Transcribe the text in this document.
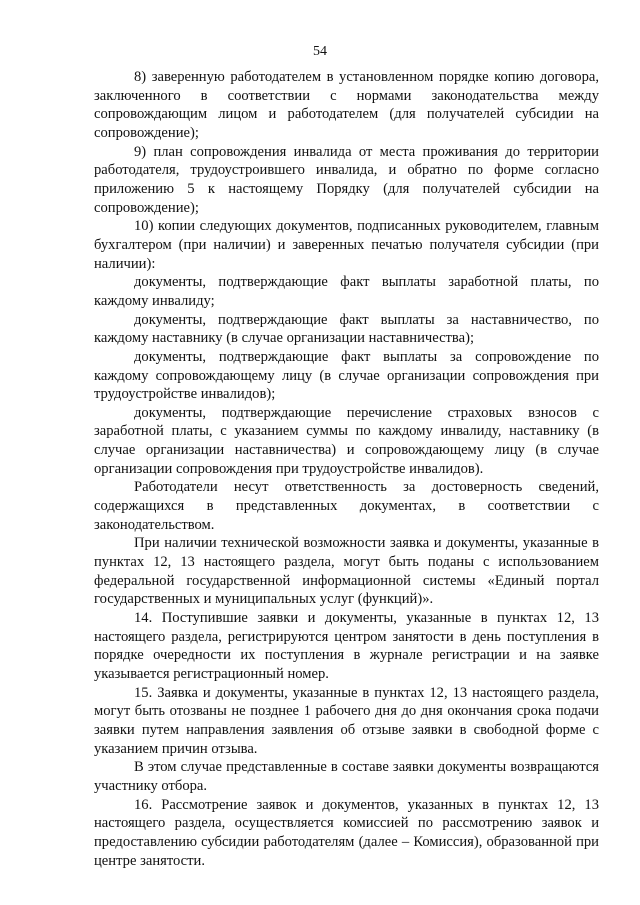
54

8) заверенную работодателем в установленном порядке копию договора, заключенного в соответствии с нормами законодательства между сопровождающим лицом и работодателем (для получателей субсидии на сопровождение);

9) план сопровождения инвалида от места проживания до территории работодателя, трудоустроившего инвалида, и обратно по форме согласно приложению 5 к настоящему Порядку (для получателей субсидии на сопровождение);

10) копии следующих документов, подписанных руководителем, главным бухгалтером (при наличии) и заверенных печатью получателя субсидии (при наличии):

документы, подтверждающие факт выплаты заработной платы, по каждому инвалиду;

документы, подтверждающие факт выплаты за наставничество, по каждому наставнику (в случае организации наставничества);

документы, подтверждающие факт выплаты за сопровождение по каждому сопровождающему лицу (в случае организации сопровождения при трудоустройстве инвалидов);

документы, подтверждающие перечисление страховых взносов с заработной платы, с указанием суммы по каждому инвалиду, наставнику (в случае организации наставничества) и сопровождающему лицу (в случае организации сопровождения при трудоустройстве инвалидов).

Работодатели несут ответственность за достоверность сведений, содержащихся в представленных документах, в соответствии с законодательством.

При наличии технической возможности заявка и документы, указанные в пунктах 12, 13 настоящего раздела, могут быть поданы с использованием федеральной государственной информационной системы «Единый портал государственных и муниципальных услуг (функций)».

14. Поступившие заявки и документы, указанные в пунктах 12, 13 настоящего раздела, регистрируются центром занятости в день поступления в порядке очередности их поступления в журнале регистрации и на заявке указывается регистрационный номер.

15. Заявка и документы, указанные в пунктах 12, 13 настоящего раздела, могут быть отозваны не позднее 1 рабочего дня до дня окончания срока подачи заявки путем направления заявления об отзыве заявки в свободной форме с указанием причин отзыва.

В этом случае представленные в составе заявки документы возвращаются участнику отбора.

16. Рассмотрение заявок и документов, указанных в пунктах 12, 13 настоящего раздела, осуществляется комиссией по рассмотрению заявок и предоставлению субсидии работодателям (далее – Комиссия), образованной при центре занятости.
